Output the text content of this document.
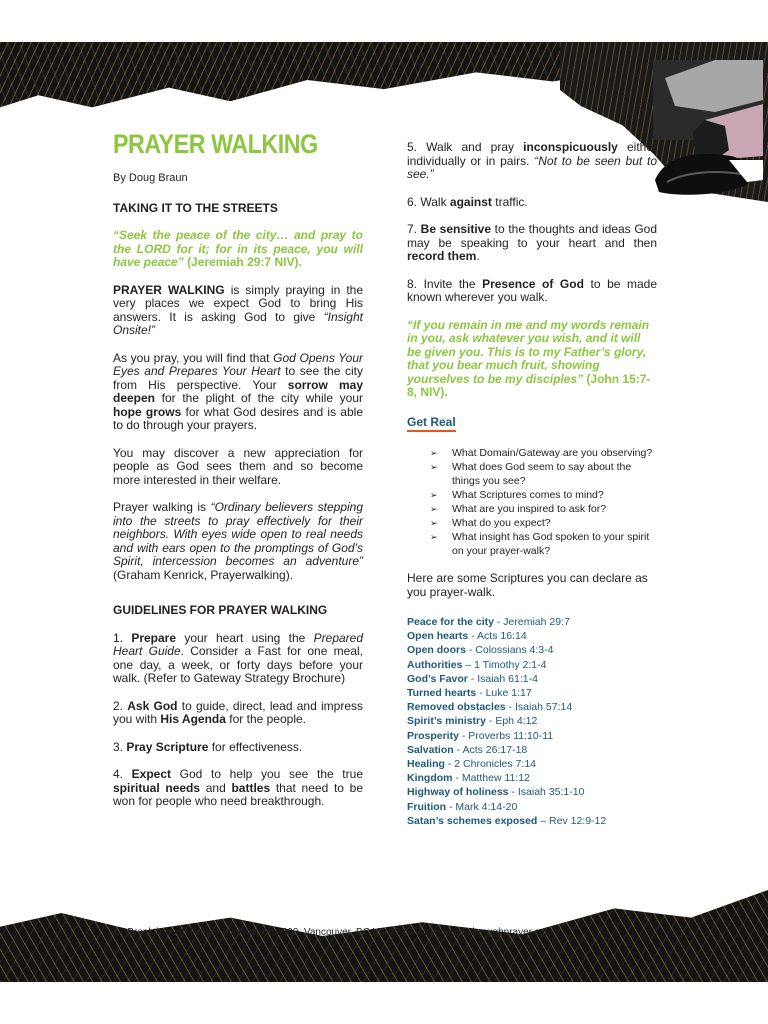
PRAYER WALKING
By Doug Braun
TAKING IT TO THE STREETS

“Seek the peace of the city… and pray to the LORD for it; for in its peace, you will have peace” (Jeremiah 29:7 NIV).

PRAYER WALKING is simply praying in the very places we expect God to bring His answers. It is asking God to give “Insight Onsite!”

As you pray, you will find that God Opens Your Eyes and Prepares Your Heart to see the city from His perspective. Your sorrow may deepen for the plight of the city while your hope grows for what God desires and is able to do through your prayers.

You may discover a new appreciation for people as God sees them and so become more interested in their welfare.

Prayer walking is “Ordinary believers stepping into the streets to pray effectively for their neighbors. With eyes wide open to real needs and with ears open to the promptings of God’s Spirit, intercession becomes an adventure” (Graham Kenrick, Prayerwalking).

GUIDELINES FOR PRAYER WALKING

1. Prepare your heart using the Prepared Heart Guide. Consider a Fast for one meal, one day, a week, or forty days before your walk. (Refer to Gateway Strategy Brochure)

2. Ask God to guide, direct, lead and impress you with His Agenda for the people.

3. Pray Scripture for effectiveness.

4. Expect God to help you see the true spiritual needs and battles that need to be won for people who need breakthrough.

5. Walk and pray inconspicuously either individually or in pairs. “Not to be seen but to see.”

6. Walk against traffic.

7. Be sensitive to the thoughts and ideas God may be speaking to your heart and then record them.

8. Invite the Presence of God to be made known wherever you walk.

“If you remain in me and my words remain in you, ask whatever you wish, and it will be given you. This is to my Father’s glory, that you bear much fruit, showing yourselves to be my disciples” (John 15:7-8, NIV).

Get Real
➢ What Domain/Gateway are you observing?
➢ What does God seem to say about the things you see?
➢ What Scriptures comes to mind?
➢ What are you inspired to ask for?
➢ What do you expect?
➢ What insight has God spoken to your spirit on your prayer-walk?

Here are some Scriptures you can declare as you prayer-walk.

Peace for the city - Jeremiah 29:7
Open hearts - Acts 16:14
Open doors - Colossians 4:3-4
Authorities – 1 Timothy 2:1-4
God’s Favor - Isaiah 61:1-4
Turned hearts - Luke 1:17
Removed obstacles - Isaiah 57:14
Spirit’s ministry - Eph 4:12
Prosperity - Proverbs 11:10-11
Salvation - Acts 26:17-18
Healing - 2 Chronicles 7:14
Kingdom - Matthew 11:12
Highway of holiness - Isaiah 35:1-10
Fruition - Mark 4:14-20
Satan’s schemes exposed – Rev 12:9-12
1 Breakthrough Prayer Ministry, Box 300, Vancouver, BC V6C 2X3 | www.breakthroughprayer.com
